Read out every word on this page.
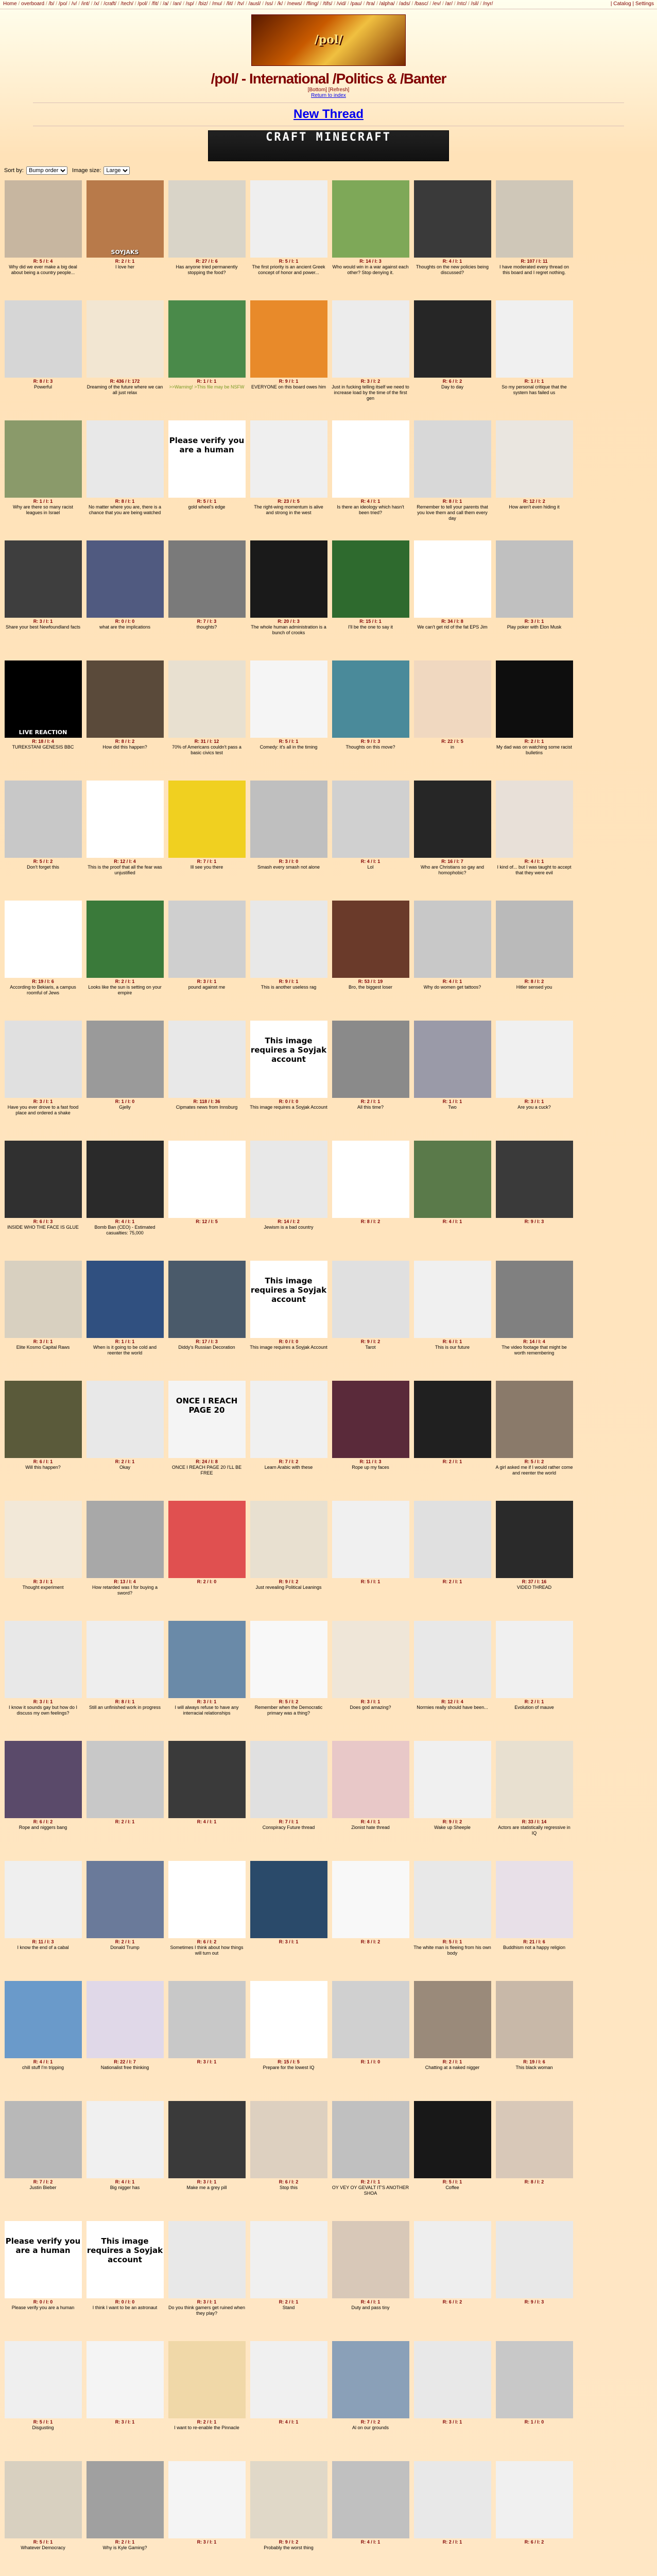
| Catalog | Settings
Home / overboard / /b/ / /po/ / /v/ / /int/ / /x/ / /craft/ / /tech/ / /pol/ / /fit/ / /a/ / /an/ / /sp/ / /biz/ / /mu/ / /lit/ / /tv/ / /ausl/ / /ss/ / /k/ / /news/ / /fling/ / /tifs/ / /vid/ / /pau/ / /tra/ / /alpha/ / /ads/ / /basc/ / /ev/ / /ar/ / /ntc/ / /sil/ / /nyr/
/pol/
/pol/ - International /Politics & /Banter
[Bottom] [Refresh]
Return to index
New Thread
CRAFT MINECRAFT
Sort by:
Bump order	Image size:
Large
R: 5 / I: 4
Why did we ever make a big deal about being a country people...
SOYJAKS
R: 2 / I: 1
I love her
R: 27 / I: 6
Has anyone tried permanently stopping the food?
R: 5 / I: 1
The first priority is an ancient Greek concept of honor and power...
R: 14 / I: 3
Who would win in a war against each other? Stop denying it.
R: 4 / I: 1
Thoughts on the new policies being discussed?
R: 107 / I: 11
I have moderated every thread on this board and I regret nothing.
R: 8 / I: 3
Powerful
R: 436 / I: 172
Dreaming of the future where we can all just relax
R: 1 / I: 1
>>Warning! >This file may be NSFW
R: 9 / I: 1
EVERYONE on this board owes him
R: 3 / I: 2
Just in fucking telling itself we need to increase load by the time of the first gen
R: 6 / I: 2
Day to day
R: 1 / I: 1
So my personal critique that the system has failed us
R: 1 / I: 1
Why are there so many racist leagues in Israel
R: 8 / I: 1
No matter where you are, there is a chance that you are being watched
Please verify you are a human
R: 5 / I: 1
gold wheel's edge
R: 23 / I: 5
The right-wing momentum is alive and strong in the west
R: 4 / I: 1
Is there an ideology which hasn't been tried?
R: 8 / I: 1
Remember to tell your parents that you love them and call them every day
R: 12 / I: 2
How aren't even hiding it
R: 3 / I: 1
Share your best Newfoundland facts
R: 0 / I: 0
what are the implications
R: 7 / I: 3
thoughts?
R: 20 / I: 3
The whole human administration is a bunch of crooks
R: 15 / I: 1
I'll be the one to say it
R: 34 / I: 8
We can't get rid of the fat EPS Jim
R: 3 / I: 1
Play poker with Elon Musk
LIVE REACTION
R: 18 / I: 4
TUREKSTANI GENESIS BBC
R: 8 / I: 2
How did this happen?
R: 31 / I: 12
70% of Americans couldn't pass a basic civics test
R: 5 / I: 1
Comedy: it's all in the timing
R: 9 / I: 3
Thoughts on this move?
R: 22 / I: 5
in
R: 2 / I: 1
My dad was on watching some racist bulletins
R: 5 / I: 2
Don't forget this
R: 12 / I: 4
This is the proof that all the fear was unjustified
R: 7 / I: 1
Ill see you there
R: 3 / I: 0
Smash every smash not alone
R: 4 / I: 1
Lol
R: 16 / I: 7
Who are Christians so gay and homophobic?
R: 4 / I: 1
I kind of... but I was taught to accept that they were evil
R: 19 / I: 6
According to Bekiaris, a campus roomful of Jews
R: 2 / I: 1
Looks like the sun is setting on your empire
R: 3 / I: 1
pound against me
R: 9 / I: 1
This is another useless rag
R: 53 / I: 19
Bro, the biggest loser
R: 4 / I: 1
Why do women get tattoos?
R: 8 / I: 2
Hitler sensed you
R: 3 / I: 1
Have you ever drove to a fast food place and ordered a shake
R: 1 / I: 0
Gjelly
R: 118 / I: 36
Cipmates news from Innsburg
This image requires a Soyjak account
R: 0 / I: 0
This image requires a Soyjak Account
R: 2 / I: 1
All this time?
R: 1 / I: 1
Two
R: 3 / I: 1
Are you a cuck?
R: 6 / I: 3
INSIDE WHO THE FACE IS GLUE
R: 4 / I: 1
Bomb Ban (CEO) - Estimated casualties: 75,000
R: 12 / I: 5	R: 14 / I: 2
Jewism is a bad country
R: 8 / I: 2	R: 4 / I: 1	R: 9 / I: 3
R: 3 / I: 1
Elite Kosmo Capital Raws
R: 1 / I: 1
When is it going to be cold and reenter the world
R: 17 / I: 3
Diddy's Russian Decoration
This image requires a Soyjak account
R: 0 / I: 0
This image requires a Soyjak Account
R: 9 / I: 2
Tarot
R: 6 / I: 1
This is our future
R: 14 / I: 4
The video footage that might be worth remembering
R: 6 / I: 1
Will this happen?
R: 2 / I: 1
Okay
ONCE I REACH PAGE 20
R: 24 / I: 8
ONCE I REACH PAGE 20 I'LL BE FREE
R: 7 / I: 2
Learn Arabic with these
R: 11 / I: 3
Rope up my faces
R: 2 / I: 1	R: 5 / I: 2
A girl asked me if I would rather come and reenter the world
R: 3 / I: 1
Thought experiment
R: 13 / I: 4
How retarded was I for buying a sword?
R: 2 / I: 0	R: 9 / I: 2
Just revealing Political Leanings
R: 5 / I: 1	R: 2 / I: 1	R: 37 / I: 16
VIDEO THREAD
R: 3 / I: 1
I know it sounds gay but how do I discuss my own feelings?
R: 8 / I: 1
Still an unfinished work in progress
R: 3 / I: 1
I will always refuse to have any interracial relationships
R: 5 / I: 2
Remember when the Democratic primary was a thing?
R: 3 / I: 1
Does god amazing?
R: 12 / I: 4
Normies really should have been...
R: 2 / I: 1
Evolution of mauve
R: 6 / I: 2
Rope and niggers bang
R: 2 / I: 1	R: 4 / I: 1	R: 7 / I: 1
Conspiracy Future thread
R: 4 / I: 1
Zionist hate thread
R: 9 / I: 2
Wake up Sheeple
R: 33 / I: 14
Actors are statistically regressive in IQ
R: 11 / I: 3
I know the end of a cabal
R: 2 / I: 1
Donald Trump
R: 6 / I: 2
Sometimes I think about how things will turn out
R: 3 / I: 1	R: 8 / I: 2	R: 5 / I: 1
The white man is fleeing from his own body
R: 21 / I: 6
Buddhism not a happy religion
R: 4 / I: 1
chill stuff I'm tripping
R: 22 / I: 7
Nationalist free thinking
R: 3 / I: 1	R: 15 / I: 5
Prepare for the lowest IQ
R: 1 / I: 0	R: 2 / I: 1
Chatting at a naked nigger
R: 19 / I: 6
This black woman
R: 7 / I: 2
Justin Bieber
R: 4 / I: 1
Big nigger has
R: 3 / I: 1
Make me a grey pill
R: 6 / I: 2
Stop this
R: 2 / I: 1
OY VEY OY GEVALT IT'S ANOTHER SHOA
R: 5 / I: 1
Coffee
R: 8 / I: 2
Please verify you are a human
R: 0 / I: 0
Please verify you are a human
This image requires a Soyjak account
R: 0 / I: 0
I think I want to be an astronaut
R: 3 / I: 1
Do you think gamers get ruined when they play?
R: 2 / I: 1
Stand
R: 4 / I: 1
Duty and pass tiny
R: 6 / I: 2	R: 9 / I: 3
R: 5 / I: 1
Disgusting
R: 3 / I: 1	R: 2 / I: 1
I want to re-enable the Pinnacle
R: 4 / I: 1	R: 7 / I: 2
Al on our grounds
R: 3 / I: 1	R: 1 / I: 0
R: 5 / I: 1
Whatever Democracy
R: 2 / I: 1
Why is Kyle Gaming?
R: 3 / I: 1	R: 9 / I: 2
Probably the worst thing
R: 4 / I: 1	R: 2 / I: 1	R: 6 / I: 2
